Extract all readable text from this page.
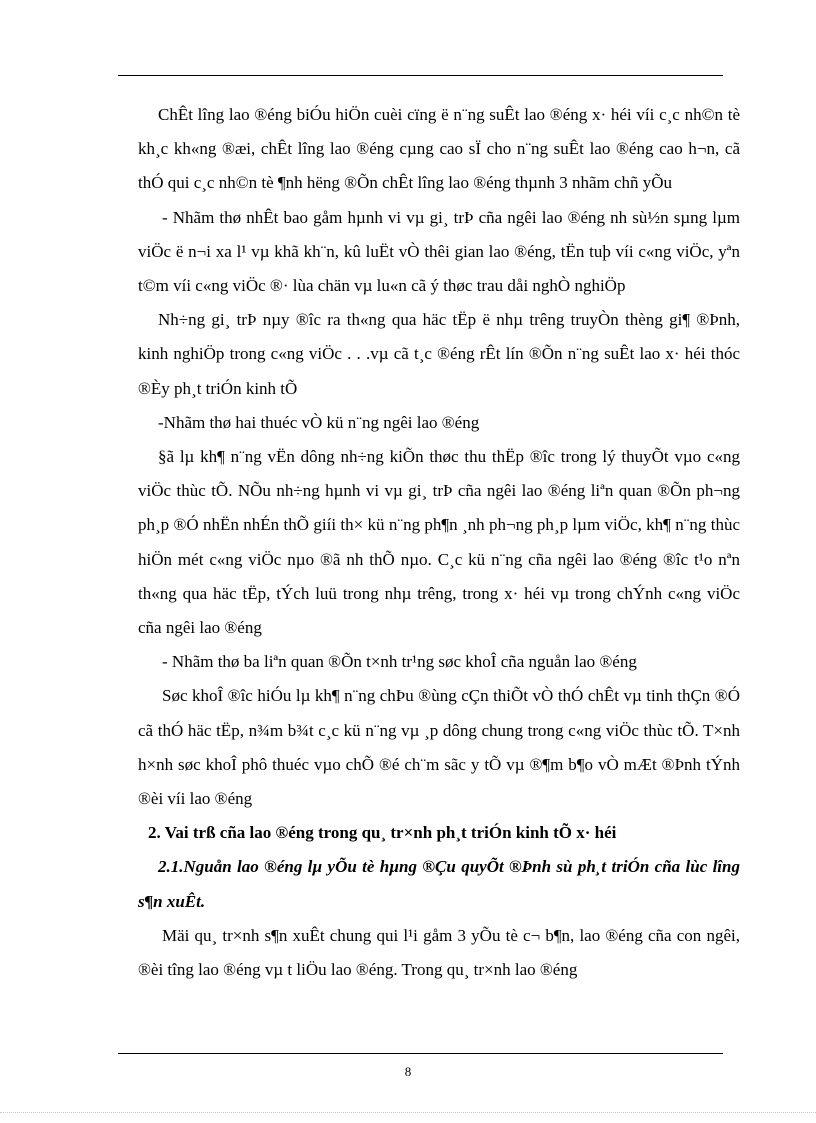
ChÊt lîng lao ®éng biÓu hiÖn cuèi cïng ë n¨ng suÊt lao ®éng x· héi víi c¸c nh©n tè kh¸c kh«ng ®æi, chÊt lîng lao ®éng cµng cao sÏ cho n¨ng suÊt lao ®éng cao h¬n, cã thÓ qui c¸c nh©n tè ¶nh hëng ®Õn chÊt lîng lao ®éng thµnh 3 nhãm chñ yÕu

- Nhãm thø nhÊt bao gåm hµnh vi vµ gi¸ trÞ cña ngêi lao ®éng nh sù½n sµng lµm viÖc ë n¬i xa l¹ vµ khã kh¨n, kû luËt vÒ thêi gian lao ®éng, tËn tuþ víi c«ng viÖc, yªn t©m víi c«ng viÖc ®· lùa chän vµ lu«n cã ý thøc trau dåi nghÒ nghiÖp

Nh÷ng gi¸ trÞ nµy ®îc ra th«ng qua häc tËp ë nhµ trêng truyÒn thèng gi¶ ®Þnh, kinh nghiÖp trong c«ng viÖc . . .vµ cã t¸c ®éng rÊt lín ®Õn n¨ng suÊt lao x· héi thóc ®Èy ph¸t triÓn kinh tÕ

-Nhãm thø hai thuéc vÒ kü n¨ng ngêi lao ®éng

§ã lµ kh¶ n¨ng vËn dông nh÷ng kiÕn thøc thu thËp ®îc trong lý thuyÕt vµo c«ng viÖc thùc tÕ. NÕu nh÷ng hµnh vi vµ gi¸ trÞ cña ngêi lao ®éng liªn quan ®Õn ph¬ng ph¸p ®Ó nhËn nhÉn thÕ giíi th× kü n¨ng ph¶n ¸nh ph¬ng ph¸p lµm viÖc, kh¶ n¨ng thùc hiÖn mét c«ng viÖc nµo ®ã nh thÕ nµo. C¸c kü n¨ng cña ngêi lao ®éng ®îc t¹o nªn th«ng qua häc tËp, tÝch luü trong nhµ trêng, trong x· héi vµ trong chÝnh c«ng viÖc cña ngêi lao ®éng

- Nhãm thø ba liªn quan ®Õn t×nh tr¹ng søc khoÎ cña nguån lao ®éng

Søc khoÎ ®îc hiÓu lµ kh¶ n¨ng chÞu ®ùng cÇn thiÕt vÒ thÓ chÊt vµ tinh thÇn ®Ó cã thÓ häc tËp, n¾m b¾t c¸c kü n¨ng vµ ¸p dông chung trong c«ng viÖc thùc tÕ. T×nh h×nh søc khoÎ phô thuéc vµo chÕ ®é ch¨m sãc y tÕ vµ ®¶m b¶o vÒ mÆt ®Þnh tÝnh ®èi víi lao ®éng

2. Vai trß cña lao ®éng trong qu¸ tr×nh ph¸t triÓn kinh tÕ x· héi

2.1.Nguån lao ®éng lµ yÕu tè hµng ®Çu quyÕt ®Þnh sù ph¸t triÓn cña lùc lîng s¶n xuÊt.

Mäi qu¸ tr×nh s¶n xuÊt chung qui l¹i gåm 3 yÕu tè c¬ b¶n, lao ®éng cña con ngêi, ®èi tîng lao ®éng vµ t liÖu lao ®éng. Trong qu¸ tr×nh lao ®éng

8
